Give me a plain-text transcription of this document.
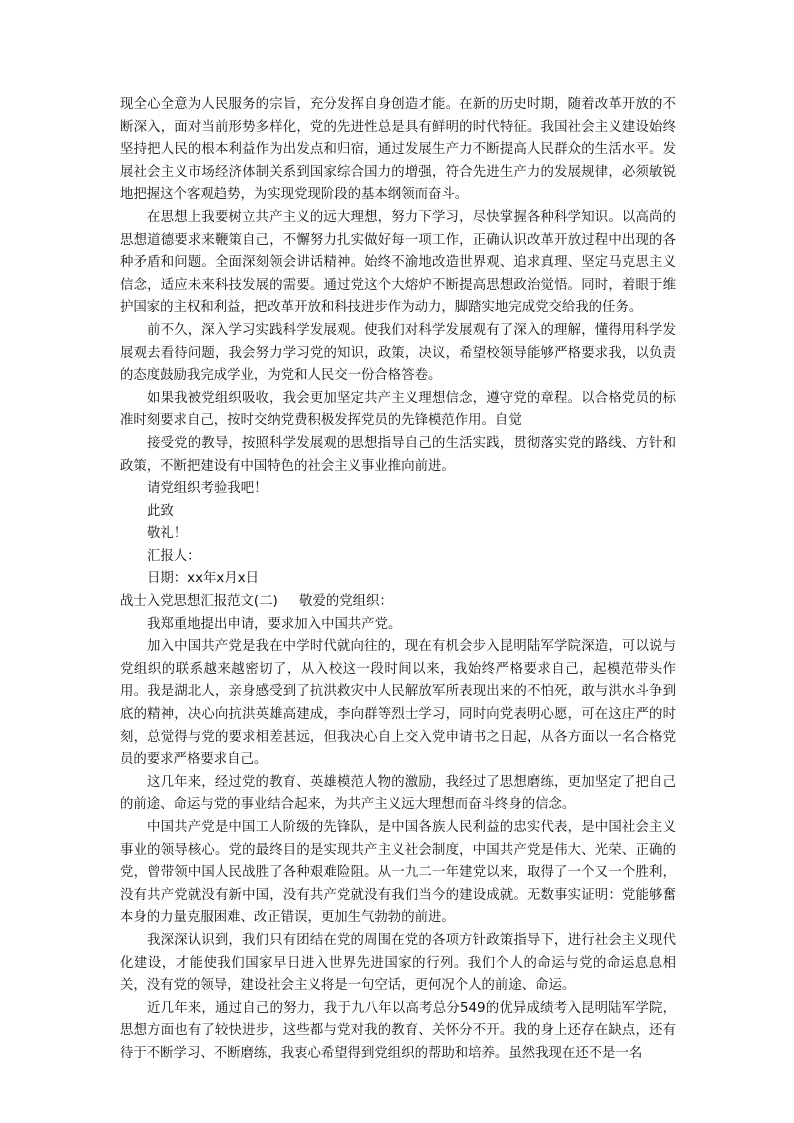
现全心全意为人民服务的宗旨，充分发挥自身创造才能。在新的历史时期，随着改革开放的不断深入，面对当前形势多样化，党的先进性总是具有鲜明的时代特征。我国社会主义建设始终坚持把人民的根本利益作为出发点和归宿，通过发展生产力不断提高人民群众的生活水平。发展社会主义市场经济体制关系到国家综合国力的增强，符合先进生产力的发展规律，必须敏锐地把握这个客观趋势，为实现党现阶段的基本纲领而奋斗。

在思想上我要树立共产主义的远大理想，努力下学习，尽快掌握各种科学知识。以高尚的思想道德要求来鞭策自己，不懈努力扎实做好每一项工作，正确认识改革开放过程中出现的各种矛盾和问题。全面深刻领会讲话精神。始终不渝地改造世界观、追求真理、坚定马克思主义信念，适应未来科技发展的需要。通过党这个大熔炉不断提高思想政治觉悟。同时，着眼于维护国家的主权和利益，把改革开放和科技进步作为动力，脚踏实地完成党交给我的任务。

前不久，深入学习实践科学发展观。使我们对科学发展观有了深入的理解，懂得用科学发展观去看待问题，我会努力学习党的知识，政策，决议，希望校领导能够严格要求我，以负责的态度鼓励我完成学业，为党和人民交一份合格答卷。

如果我被党组织吸收，我会更加坚定共产主义理想信念，遵守党的章程。以合格党员的标准时刻要求自己，按时交纳党费积极发挥党员的先锋模范作用。自觉

接受党的教导，按照科学发展观的思想指导自己的生活实践，贯彻落实党的路线、方针和政策，不断把建设有中国特色的社会主义事业推向前进。

请党组织考验我吧！

此致

敬礼！

汇报人：

日期：xx年x月x日

战士入党思想汇报范文(二)     敬爱的党组织：

我郑重地提出申请，要求加入中国共产党。

加入中国共产党是我在中学时代就向往的，现在有机会步入昆明陆军学院深造，可以说与党组织的联系越来越密切了，从入校这一段时间以来，我始终严格要求自己，起模范带头作用。我是湖北人，亲身感受到了抗洪救灾中人民解放军所表现出来的不怕死，敢与洪水斗争到底的精神，决心向抗洪英雄高建成，李向群等烈士学习，同时向党表明心愿，可在这庄严的时刻，总觉得与党的要求相差甚远，但我决心自上交入党申请书之日起，从各方面以一名合格党员的要求严格要求自己。

这几年来，经过党的教育、英雄模范人物的激励，我经过了思想磨练，更加坚定了把自己的前途、命运与党的事业结合起来，为共产主义远大理想而奋斗终身的信念。

中国共产党是中国工人阶级的先锋队，是中国各族人民利益的忠实代表，是中国社会主义事业的领导核心。党的最终目的是实现共产主义社会制度，中国共产党是伟大、光荣、正确的党，曾带领中国人民战胜了各种艰难险阻。从一九二一年建党以来，取得了一个又一个胜利，没有共产党就没有新中国，没有共产党就没有我们当今的建设成就。无数事实证明：党能够奮本身的力量克服困难、改正错误，更加生气勃勃的前进。

我深深认识到，我们只有团结在党的周围在党的各项方针政策指导下，进行社会主义现代化建设，才能使我们国家早日进入世界先进国家的行列。我们个人的命运与党的命运息息相关，没有党的领导，建设社会主义将是一句空话，更何况个人的前途、命运。

近几年来，通过自己的努力，我于九八年以高考总分549的优异成绩考入昆明陆军学院，思想方面也有了较快进步，这些都与党对我的教育、关怀分不开。我的身上还存在缺点，还有待于不断学习、不断磨练，我衷心希望得到党组织的帮助和培养。虽然我现在还不是一名
